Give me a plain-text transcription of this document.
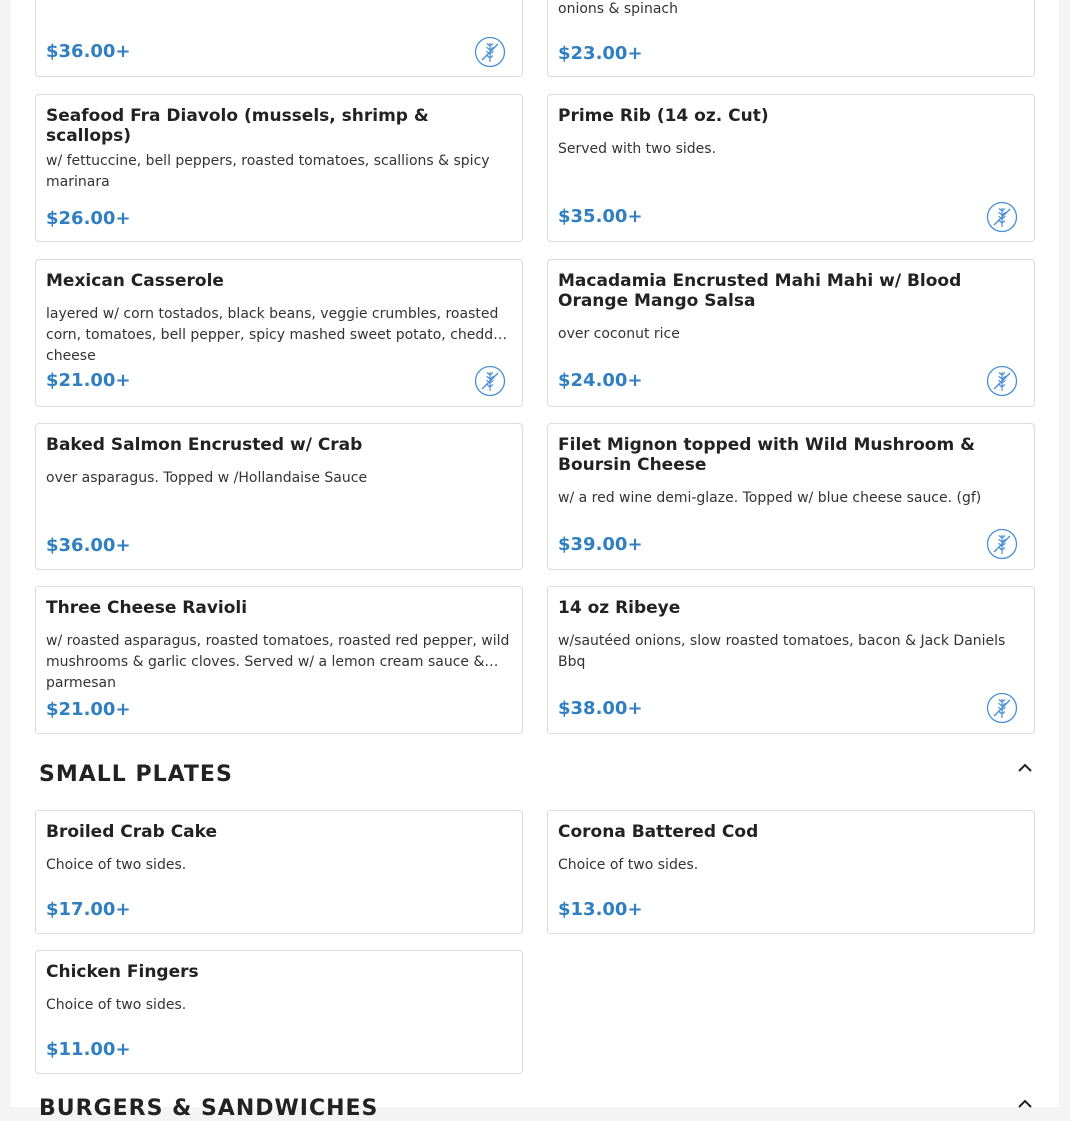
$36.00+
onions & spinach
$23.00+
Seafood Fra Diavolo (mussels, shrimp & scallops)
w/ fettuccine, bell peppers, roasted tomatoes, scallions & spicy marinara
$26.00+
Prime Rib (14 oz. Cut)
Served with two sides.
$35.00+
Mexican Casserole
layered w/ corn tostados, black beans, veggie crumbles, roasted corn, tomatoes, bell pepper, spicy mashed sweet potato, cheddar cheese
$21.00+
Macadamia Encrusted Mahi Mahi w/ Blood Orange Mango Salsa
over coconut rice
$24.00+
Baked Salmon Encrusted w/ Crab
over asparagus. Topped w /Hollandaise Sauce
$36.00+
Filet Mignon topped with Wild Mushroom & Boursin Cheese
w/ a red wine demi-glaze. Topped w/ blue cheese sauce. (gf)
$39.00+
Three Cheese Ravioli
w/ roasted asparagus, roasted tomatoes, roasted red pepper, wild mushrooms & garlic cloves. Served w/ a lemon cream sauce & parmesan
$21.00+
14 oz Ribeye
w/sautéed onions, slow roasted tomatoes, bacon & Jack Daniels Bbq
$38.00+
SMALL PLATES
Broiled Crab Cake
Choice of two sides.
$17.00+
Corona Battered Cod
Choice of two sides.
$13.00+
Chicken Fingers
Choice of two sides.
$11.00+
BURGERS & SANDWICHES
